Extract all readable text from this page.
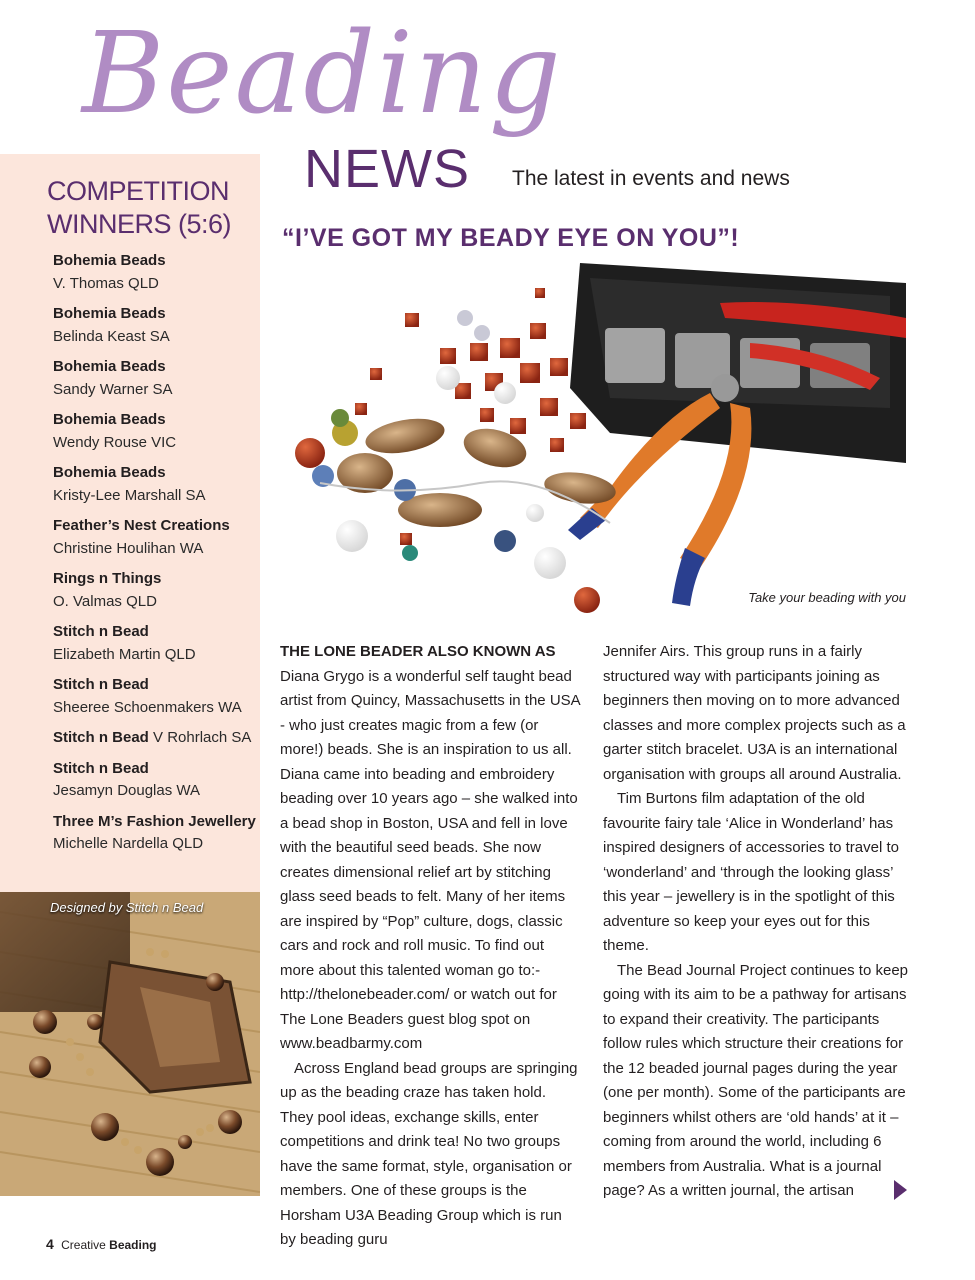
Beading
NEWS The latest in events and news
“I’VE GOT MY BEADY EYE ON YOU”!
COMPETITION
WINNERS (5:6)
Bohemia Beads
V. Thomas QLD
Bohemia Beads
Belinda Keast SA
Bohemia Beads
Sandy Warner SA
Bohemia Beads
Wendy Rouse VIC
Bohemia Beads
Kristy-Lee Marshall SA
Feather’s Nest Creations
Christine Houlihan WA
Rings n Things
O. Valmas QLD
Stitch n Bead
Elizabeth Martin QLD
Stitch n Bead
Sheeree Schoenmakers WA
Stitch n Bead V Rohrlach SA
Stitch n Bead
Jesamyn Douglas WA
Three M’s Fashion Jewellery
Michelle Nardella QLD
Designed by Stitch n Bead
Take your beading with you

THE LONE BEADER ALSO KNOWN AS Diana Grygo is a wonderful self taught bead artist from Quincy, Massachusetts in the USA - who just creates magic from a few (or more!) beads. She is an inspiration to us all. Diana came into beading and embroidery beading over 10 years ago – she walked into a bead shop in Boston, USA and fell in love with the beautiful seed beads. She now creates dimensional relief art by stitching glass seed beads to felt. Many of her items are inspired by “Pop” culture, dogs, classic cars and rock and roll music. To find out more about this talented woman go to:- http://thelonebeader.com/ or watch out for The Lone Beaders guest blog spot on www.beadbarmy.com

Across England bead groups are springing up as the beading craze has taken hold. They pool ideas, exchange skills, enter competitions and drink tea! No two groups have the same format, style, organisation or members. One of these groups is the Horsham U3A Beading Group which is run by beading guru

Jennifer Airs. This group runs in a fairly structured way with participants joining as beginners then moving on to more advanced classes and more complex projects such as a garter stitch bracelet. U3A is an international organisation with groups all around Australia.

Tim Burtons film adaptation of the old favourite fairy tale ‘Alice in Wonderland’ has inspired designers of accessories to travel to ‘wonderland’ and ‘through the looking glass’ this year – jewellery is in the spotlight of this adventure so keep your eyes out for this theme.

The Bead Journal Project continues to keep going with its aim to be a pathway for artisans to expand their creativity. The participants follow rules which structure their creations for the 12 beaded journal pages during the year (one per month). Some of the participants are beginners whilst others are ‘old hands’ at it – coming from around the world, including 6 members from Australia. What is a journal page? As a written journal, the artisan

4 Creative Beading
